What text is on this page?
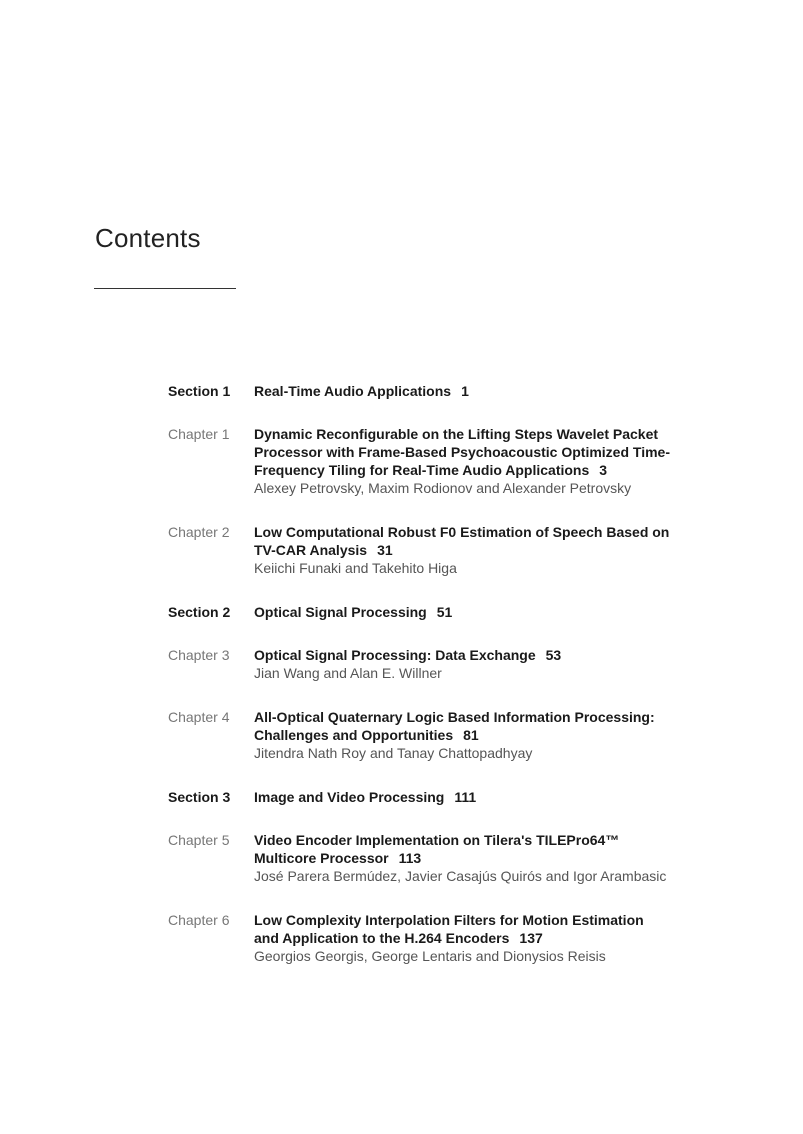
Contents
Section 1	Real-Time Audio Applications 1
Chapter 1	Dynamic Reconfigurable on the Lifting Steps Wavelet Packet
Processor with Frame-Based Psychoacoustic Optimized Time-
Frequency Tiling for Real-Time Audio Applications 3
Alexey Petrovsky, Maxim Rodionov and Alexander Petrovsky
Chapter 2	Low Computational Robust F0 Estimation of Speech Based on
TV-CAR Analysis 31
Keiichi Funaki and Takehito Higa
Section 2	Optical Signal Processing 51
Chapter 3	Optical Signal Processing: Data Exchange 53
Jian Wang and Alan E. Willner
Chapter 4	All-Optical Quaternary Logic Based Information Processing:
Challenges and Opportunities 81
Jitendra Nath Roy and Tanay Chattopadhyay
Section 3	Image and Video Processing 111
Chapter 5	Video Encoder Implementation on Tilera's TILEPro64™
Multicore Processor 113
José Parera Bermúdez, Javier Casajús Quirós and Igor Arambasic
Chapter 6	Low Complexity Interpolation Filters for Motion Estimation
and Application to the H.264 Encoders 137
Georgios Georgis, George Lentaris and Dionysios Reisis
